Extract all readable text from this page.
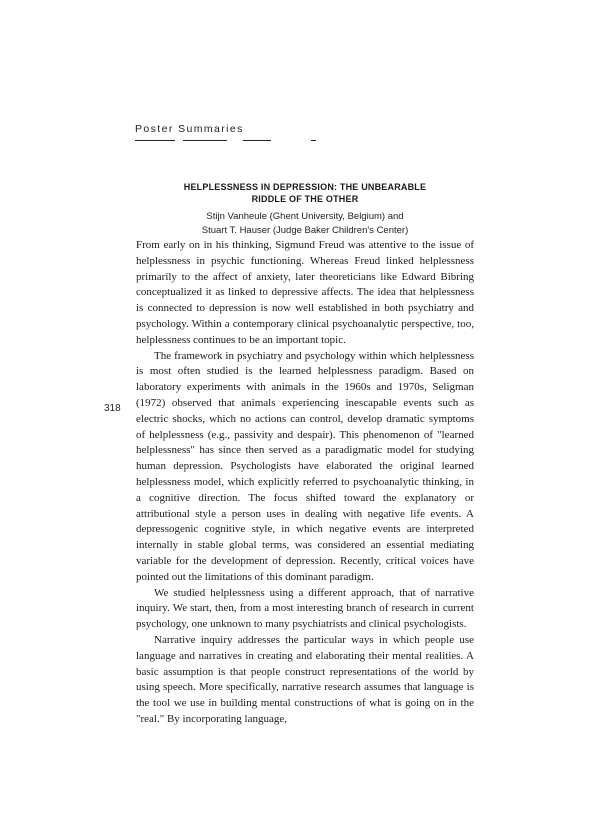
Poster Summaries
HELPLESSNESS IN DEPRESSION: THE UNBEARABLE
RIDDLE OF THE OTHER
Stijn Vanheule (Ghent University, Belgium) and
Stuart T. Hauser (Judge Baker Children's Center)
318

From early on in his thinking, Sigmund Freud was attentive to the issue of helplessness in psychic functioning. Whereas Freud linked helplessness primarily to the affect of anxiety, later theoreticians like Edward Bibring conceptualized it as linked to depressive affects. The idea that helplessness is connected to depression is now well established in both psychiatry and psychology. Within a contemporary clinical psychoanalytic perspective, too, helplessness continues to be an important topic.

The framework in psychiatry and psychology within which helplessness is most often studied is the learned helplessness paradigm. Based on laboratory experiments with animals in the 1960s and 1970s, Seligman (1972) observed that animals experiencing inescapable events such as electric shocks, which no actions can control, develop dramatic symptoms of helplessness (e.g., passivity and despair). This phenomenon of "learned helplessness" has since then served as a paradigmatic model for studying human depression. Psychologists have elaborated the original learned helplessness model, which explicitly referred to psychoanalytic thinking, in a cognitive direction. The focus shifted toward the explanatory or attributional style a person uses in dealing with negative life events. A depressogenic cognitive style, in which negative events are interpreted internally in stable global terms, was considered an essential mediating variable for the development of depression. Recently, critical voices have pointed out the limitations of this dominant paradigm.

We studied helplessness using a different approach, that of narrative inquiry. We start, then, from a most interesting branch of research in current psychology, one unknown to many psychiatrists and clinical psychologists.

Narrative inquiry addresses the particular ways in which people use language and narratives in creating and elaborating their mental realities. A basic assumption is that people construct representations of the world by using speech. More specifically, narrative research assumes that language is the tool we use in building mental constructions of what is going on in the "real." By incorporating language,
